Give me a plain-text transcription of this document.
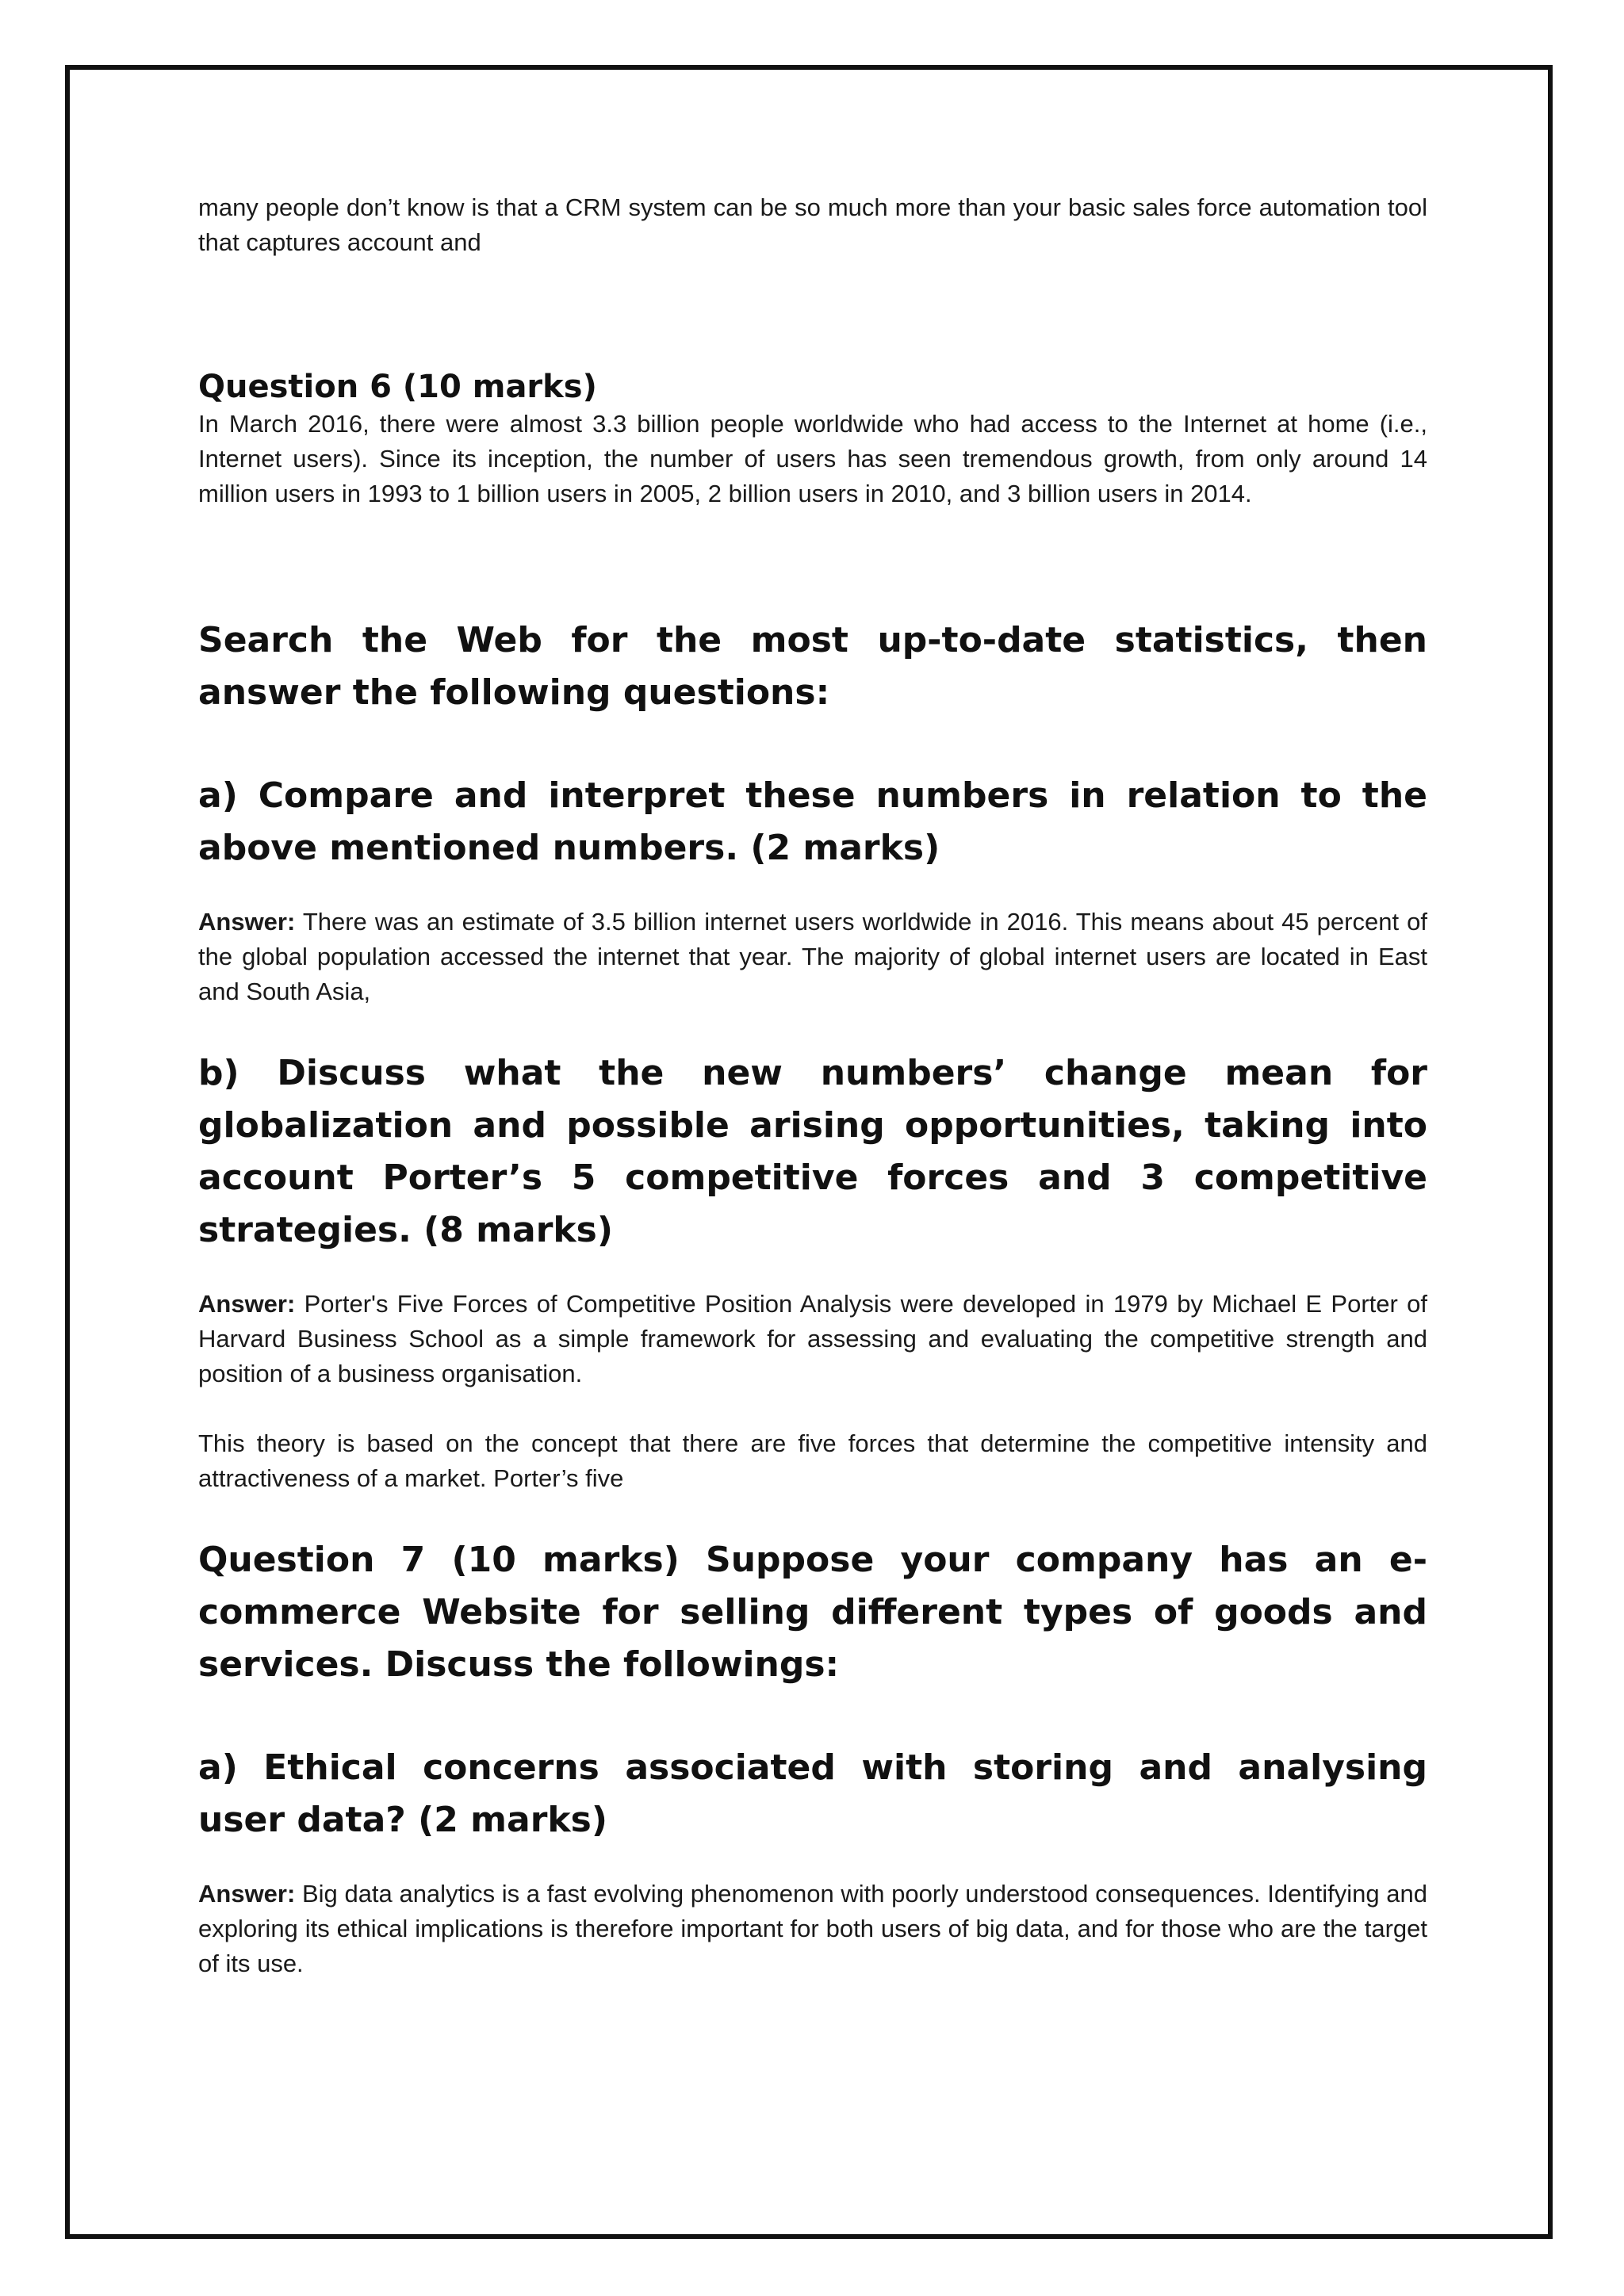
many people don’t know is that a CRM system can be so much more than your basic sales force automation tool that captures account and

Question 6 (10 marks)

In March 2016, there were almost 3.3 billion people worldwide who had access to the Internet at home (i.e., Internet users). Since its inception, the number of users has seen tremendous growth, from only around 14 million users in 1993 to 1 billion users in 2005, 2 billion users in 2010, and 3 billion users in 2014.

Search the Web for the most up-to-date statistics, then answer the following questions:
a) Compare and interpret these numbers in relation to the above mentioned numbers. (2 marks)

Answer: There was an estimate of 3.5 billion internet users worldwide in 2016. This means about 45 percent of the global population accessed the internet that year. The majority of global internet users are located in East and South Asia,

b) Discuss what the new numbers’ change mean for globalization and possible arising opportunities, taking into account Porter’s 5 competitive forces and 3 competitive strategies. (8 marks)

Answer: Porter's Five Forces of Competitive Position Analysis were developed in 1979 by Michael E Porter of Harvard Business School as a simple framework for assessing and evaluating the competitive strength and position of a business organisation.

This theory is based on the concept that there are five forces that determine the competitive intensity and attractiveness of a market. Porter’s five

Question 7 (10 marks) Suppose your company has an e-commerce Website for selling different types of goods and services. Discuss the followings:
a) Ethical concerns associated with storing and analysing user data? (2 marks)

Answer: Big data analytics is a fast evolving phenomenon with poorly understood consequences. Identifying and exploring its ethical implications is therefore important for both users of big data, and for those who are the target of its use.
